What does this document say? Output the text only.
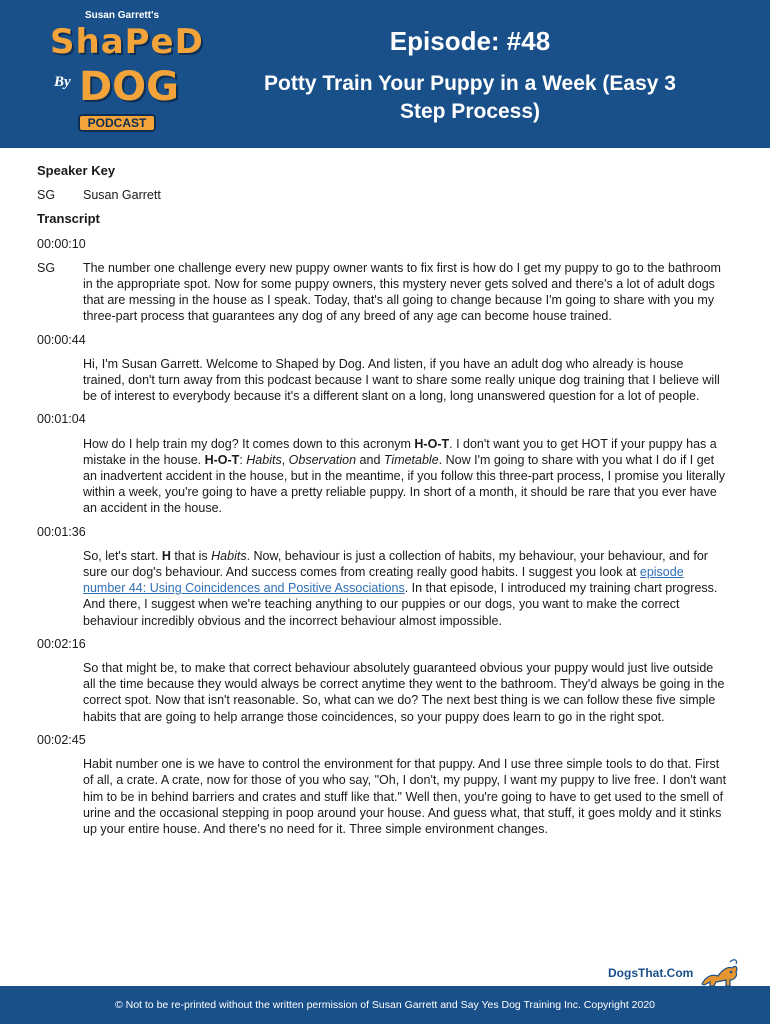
Susan Garrett's
ShaPeD
By DOG
PODCAST
Episode: #48
Potty Train Your Puppy in a Week (Easy 3
Step Process)
Speaker Key
SG	Susan Garrett
Transcript
00:00:10
SG	The number one challenge every new puppy owner wants to fix first is how do I get my puppy to go to the bathroom in the appropriate spot. Now for some puppy owners, this mystery never gets solved and there's a lot of adult dogs that are messing in the house as I speak. Today, that's all going to change because I'm going to share with you my three-part process that guarantees any dog of any breed of any age can become house trained.
00:00:44
Hi, I'm Susan Garrett. Welcome to Shaped by Dog. And listen, if you have an adult dog who already is house trained, don't turn away from this podcast because I want to share some really unique dog training that I believe will be of interest to everybody because it's a different slant on a long, long unanswered question for a lot of people.
00:01:04
How do I help train my dog? It comes down to this acronym H-O-T. I don't want you to get HOT if your puppy has a mistake in the house. H-O-T: Habits, Observation and Timetable. Now I'm going to share with you what I do if I get an inadvertent accident in the house, but in the meantime, if you follow this three-part process, I promise you literally within a week, you're going to have a pretty reliable puppy. In short of a month, it should be rare that you ever have an accident in the house.
00:01:36
So, let's start. H that is Habits. Now, behaviour is just a collection of habits, my behaviour, your behaviour, and for sure our dog's behaviour. And success comes from creating really good habits. I suggest you look at episode number 44: Using Coincidences and Positive Associations. In that episode, I introduced my training chart progress. And there, I suggest when we're teaching anything to our puppies or our dogs, you want to make the correct behaviour incredibly obvious and the incorrect behaviour almost impossible.
00:02:16
So that might be, to make that correct behaviour absolutely guaranteed obvious your puppy would just live outside all the time because they would always be correct anytime they went to the bathroom. They'd always be going in the correct spot. Now that isn't reasonable. So, what can we do? The next best thing is we can follow these five simple habits that are going to help arrange those coincidences, so your puppy does learn to go in the right spot.
00:02:45
Habit number one is we have to control the environment for that puppy. And I use three simple tools to do that. First of all, a crate. A crate, now for those of you who say, "Oh, I don't, my puppy, I want my puppy to live free. I don't want him to be in behind barriers and crates and stuff like that." Well then, you're going to have to get used to the smell of urine and the occasional stepping in poop around your house. And guess what, that stuff, it goes moldy and it stinks up your entire house. And there's no need for it. Three simple environment changes.
DogsThat.Com
© Not to be re-printed without the written permission of Susan Garrett and Say Yes Dog Training Inc. Copyright 2020
